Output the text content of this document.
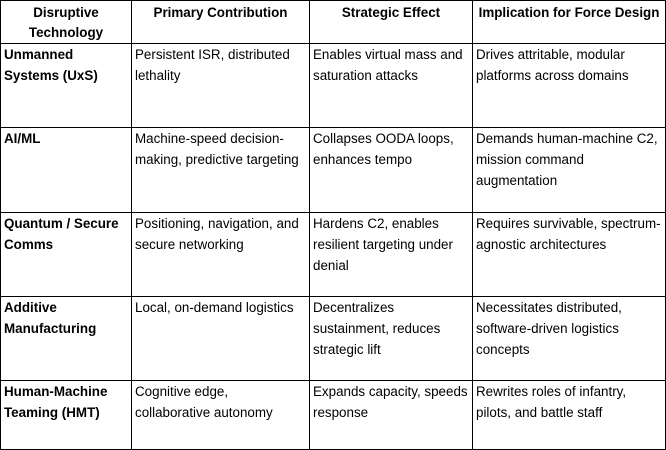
Disruptive Technology	Primary Contribution	Strategic Effect	Implication for Force Design
Unmanned Systems (UxS)	Persistent ISR, distributed lethality	Enables virtual mass and saturation attacks	Drives attritable, modular platforms across domains
AI/ML	Machine-speed decision-making, predictive targeting	Collapses OODA loops, enhances tempo	Demands human-machine C2, mission command augmentation
Quantum / Secure Comms	Positioning, navigation, and secure networking	Hardens C2, enables resilient targeting under denial	Requires survivable, spectrum-agnostic architectures
Additive Manufacturing	Local, on-demand logistics	Decentralizes sustainment, reduces strategic lift	Necessitates distributed, software-driven logistics concepts
Human-Machine Teaming (HMT)	Cognitive edge, collaborative autonomy	Expands capacity, speeds response	Rewrites roles of infantry, pilots, and battle staff
